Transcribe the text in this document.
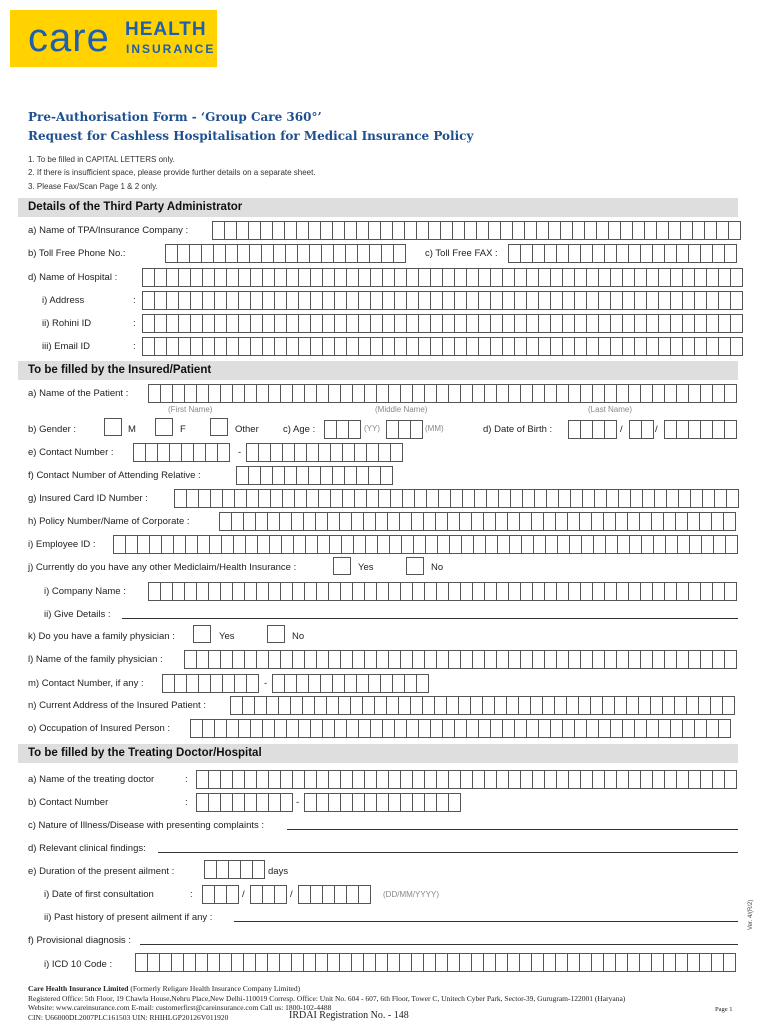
care HEALTH
INSURANCE
Pre-Authorisation Form - ‘Group Care 360°’
Request for Cashless Hospitalisation for Medical Insurance Policy
1. To be filled in CAPITAL LETTERS only.
2. If there is insufficient space, please provide further details on a separate sheet.
3. Please Fax/Scan Page 1 & 2 only.
Details of the Third Party Administrator
a) Name of TPA/Insurance Company :
b) Toll Free Phone No.:	c) Toll Free FAX :
d) Name of Hospital :
i) Address	:
ii) Rohini ID	:
iii) Email ID	:
To be filled by the Insured/Patient
a) Name of the Patient :
(First Name)	(Middle Name)	(Last Name)
b) Gender :	M	F	Other	c) Age :	(YY)	(MM)	d) Date of Birth :	/	/
e) Contact Number :	-
f) Contact Number of Attending Relative :
g) Insured Card ID Number :
h) Policy Number/Name of Corporate :
i) Employee ID :
j) Currently do you have any other Mediclaim/Health Insurance :	Yes	No
i) Company Name :
ii) Give Details :
k) Do you have a family physician :	Yes	No
l) Name of the family physician :
m) Contact Number, if any :	-
n) Current Address of the Insured Patient :
o) Occupation of Insured Person :
To be filled by the Treating Doctor/Hospital
a) Name of the treating doctor	:
b) Contact Number	:	-
c) Nature of Illness/Disease with presenting complaints :
d) Relevant clinical findings:
e) Duration of the present ailment :	days
i) Date of first consultation	:	/	/	(DD/MM/YYYY)
ii) Past history of present ailment if any :
f) Provisional diagnosis :
i) ICD 10 Code :
Ver. 4/(R/2)
Care Health Insurance Limited (Formerly Religare Health Insurance Company Limited)
Registered Office: 5th Floor, 19 Chawla House,Nehru Place,New Delhi-110019 Corresp. Office: Unit No. 604 - 607, 6th Floor, Tower C, Unitech Cyber Park, Sector-39, Gurugram-122001 (Haryana)
Website: www.careinsurance.com E-mail: customerfirst@careinsurance.com Call us: 1800-102-4488
CIN: U66000DL2007PLC161503 UIN: RHIHLGP20126V011920	IRDAI Registration No. - 148
Page 1
